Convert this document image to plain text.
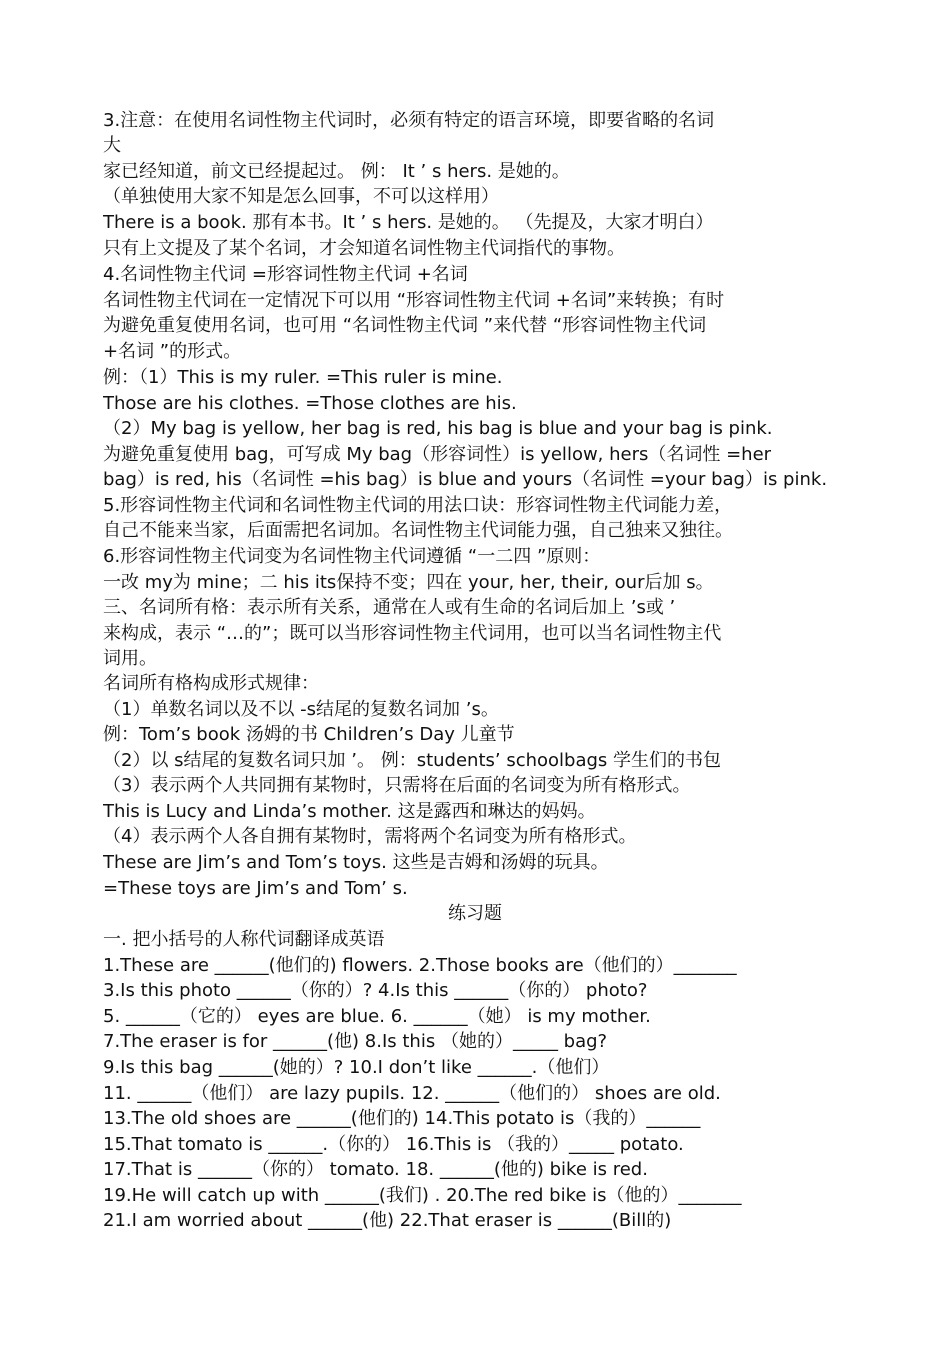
3.注意：在使用名词性物主代词时，必须有特定的语言环境，即要省略的名词
大
家已经知道，前文已经提起过。 例： It ’ s hers. 是她的。
（单独使用大家不知是怎么回事，不可以这样用）
There is a book. 那有本书。It ’ s hers. 是她的。 （先提及，大家才明白）
只有上文提及了某个名词，才会知道名词性物主代词指代的事物。
4.名词性物主代词 =形容词性物主代词 +名词
名词性物主代词在一定情况下可以用 “形容词性物主代词 +名词”来转换；有时
为避免重复使用名词，也可用 “名词性物主代词 ”来代替 “形容词性物主代词
+名词 ”的形式。
例：（1）This is my ruler. =This ruler is mine.
Those are his clothes. =Those clothes are his.
（2）My bag is yellow, her bag is red, his bag is blue and your bag is pink.
为避免重复使用 bag，可写成 My bag（形容词性）is yellow, hers（名词性 =her
bag）is red, his（名词性 =his bag）is blue and yours（名词性 =your bag）is pink.
5.形容词性物主代词和名词性物主代词的用法口诀：形容词性物主代词能力差，
自己不能来当家，后面需把名词加。名词性物主代词能力强，自己独来又独往。
6.形容词性物主代词变为名词性物主代词遵循 “一二四 ”原则：
一改 my为 mine；二 his its保持不变；四在 your, her, their, our后加 s。
三、名词所有格：表示所有关系，通常在人或有生命的名词后加上 ’s或 ’
来构成，表示 “…的”；既可以当形容词性物主代词用，也可以当名词性物主代
词用。
名词所有格构成形式规律：
（1）单数名词以及不以 -s结尾的复数名词加 ’s。
例：Tom’s book 汤姆的书 Children’s Day 儿童节
（2）以 s结尾的复数名词只加 ’。 例：students’ schoolbags 学生们的书包
（3）表示两个人共同拥有某物时，只需将在后面的名词变为所有格形式。
This is Lucy and Linda’s mother. 这是露西和琳达的妈妈。
（4）表示两个人各自拥有某物时，需将两个名词变为所有格形式。
These are Jim’s and Tom’s toys. 这些是吉姆和汤姆的玩具。
=These toys are Jim’s and Tom’ s.
练习题
一. 把小括号的人称代词翻译成英语
1.These are ______(他们的) flowers. 2.Those books are（他们的）_______
3.Is this photo ______（你的）? 4.Is this ______（你的） photo?
5. ______（它的） eyes are blue. 6. ______（她） is my mother.
7.The eraser is for ______(他) 8.Is this （她的）_____ bag?
9.Is this bag ______(她的）? 10.I don’t like ______.（他们）
11. ______（他们） are lazy pupils. 12. ______（他们的） shoes are old.
13.The old shoes are ______(他们的) 14.This potato is（我的）______
15.That tomato is ______.（你的） 16.This is （我的）_____ potato.
17.That is ______（你的） tomato. 18. ______(他的) bike is red.
19.He will catch up with ______(我们) . 20.The red bike is（他的）_______
21.I am worried about ______(他) 22.That eraser is ______(Bill的)
